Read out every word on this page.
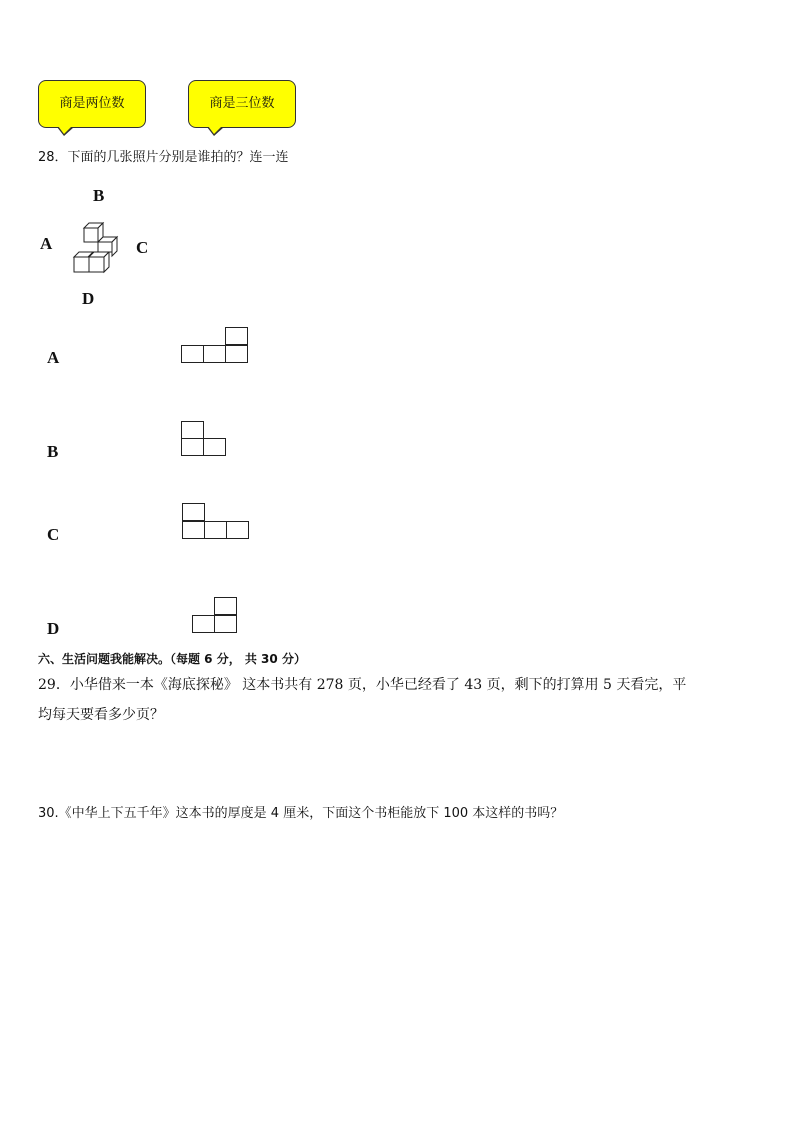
商是两位数	商是三位数
28．下面的几张照片分别是谁拍的？连一连
B
A	C
D
A
B
C
D
六、生活问题我能解决。（每题 6 分， 共 30 分）
29．小华借来一本《海底探秘》 这本书共有 278 页，小华已经看了 43 页，剩下的打算用 5 天看完，平
均每天要看多少页？
30.《中华上下五千年》这本书的厚度是 4 厘米，下面这个书柜能放下 100 本这样的书吗？
